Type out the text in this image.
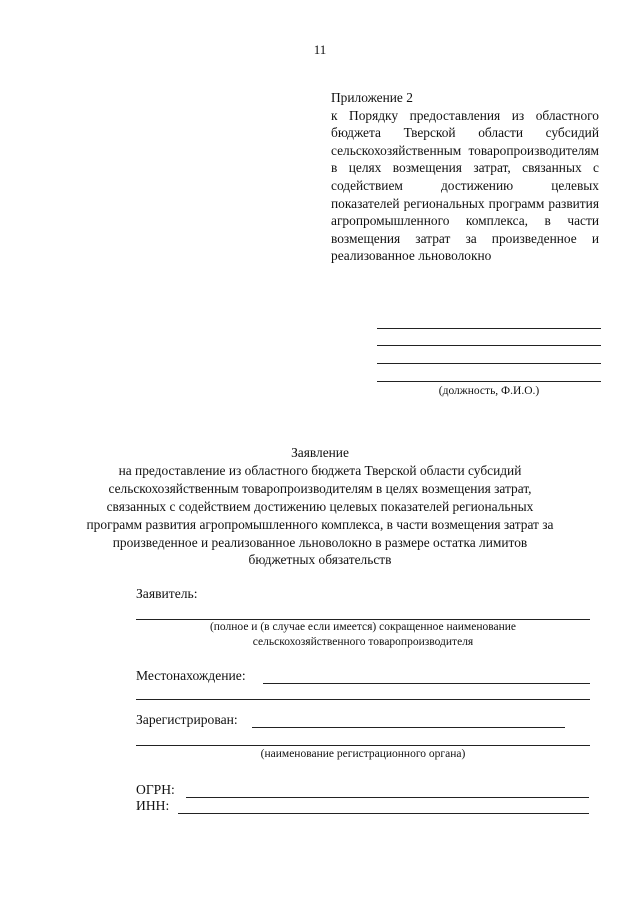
11
Приложение 2
к Порядку предоставления из областного бюджета Тверской области субсидий сельскохозяйственным товаропроизводителям в целях возмещения затрат, связанных с содействием достижению целевых показателей региональных программ развития агропромышленного комплекса, в части возмещения затрат за произведенное и реализованное льноволокно
(должность, Ф.И.О.)
Заявление
на предоставление из областного бюджета Тверской области субсидий сельскохозяйственным товаропроизводителям в целях возмещения затрат, связанных с содействием достижению целевых показателей региональных программ развития агропромышленного комплекса, в части возмещения затрат за произведенное и реализованное льноволокно в размере остатка лимитов бюджетных обязательств
Заявитель:
(полное и (в случае если имеется) сокращенное наименование
сельскохозяйственного товаропроизводителя
Местонахождение:
Зарегистрирован:
(наименование регистрационного органа)
ОГРН:
ИНН:
